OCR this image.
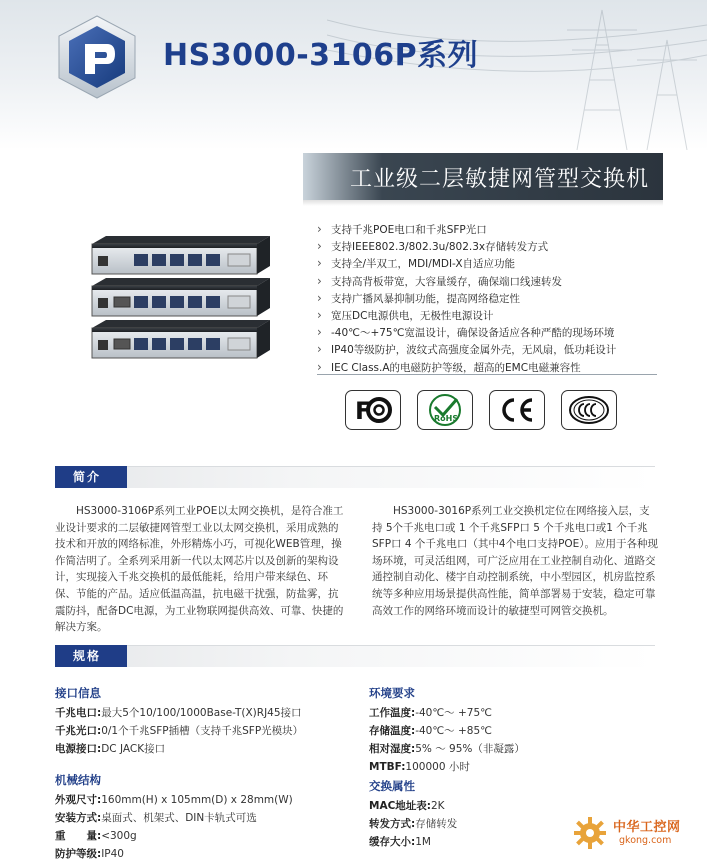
HS3000-3106P系列
工业级二层敏捷网管型交换机
› 支持千兆POE电口和千兆SFP光口
› 支持IEEE802.3/802.3u/802.3x存储转发方式
› 支持全/半双工，MDI/MDI-X自适应功能
› 支持高背板带宽，大容量缓存，确保端口线速转发
› 支持广播风暴抑制功能，提高网络稳定性
› 宽压DC电源供电，无极性电源设计
› -40℃～+75℃宽温设计，确保设备适应各种严酷的现场环境
› IP40等级防护，波纹式高强度金属外壳，无风扇，低功耗设计
› IEC Class.A的电磁防护等级，超高的EMC电磁兼容性
F	RoHS
简介

HS3000-3106P系列工业POE以太网交换机，是符合准工业设计要求的二层敏捷网管型工业以太网交换机，采用成熟的技术和开放的网络标准，外形精炼小巧，可视化WEB管理，操作简洁明了。全系列采用新一代以太网芯片以及创新的架构设计，实现接入千兆交换机的最低能耗，给用户带来绿色、环保、节能的产品。适应低温高温，抗电磁干扰强，防盐雾，抗震防抖，配备DC电源，为工业物联网提供高效、可靠、快捷的解决方案。

HS3000-3016P系列工业交换机定位在网络接入层，支持 5个千兆电口或 1 个千兆SFP口 5 个千兆电口或1 个千兆SFP口 4 个千兆电口（其中4个电口支持POE）。应用于各种现场环境，可灵活组网，可广泛应用在工业控制自动化、道路交通控制自动化、楼宇自动控制系统，中小型园区，机房监控系统等多种应用场景提供高性能，简单部署易于安装，稳定可靠高效工作的网络环境而设计的敏捷型可网管交换机。

规格
接口信息
千兆电口: 最大5个10/100/1000Base-T(X)RJ45接口
千兆光口: 0/1个千兆SFP插槽（支持千兆SFP光模块）
电源接口: DC JACK接口
机械结构
外观尺寸: 160mm(H) x 105mm(D) x 28mm(W)
安装方式: 桌面式、机架式、DIN卡轨式可选
重　　量: <300g
防护等级: IP40
环境要求
工作温度: -40℃～ +75℃
存储温度: -40℃～ +85℃
相对湿度: 5% ～ 95%（非凝露）
MTBF: 100000 小时
交换属性
MAC地址表: 2K
转发方式: 存储转发
缓存大小: 1M
中华工控网
gkong.com
